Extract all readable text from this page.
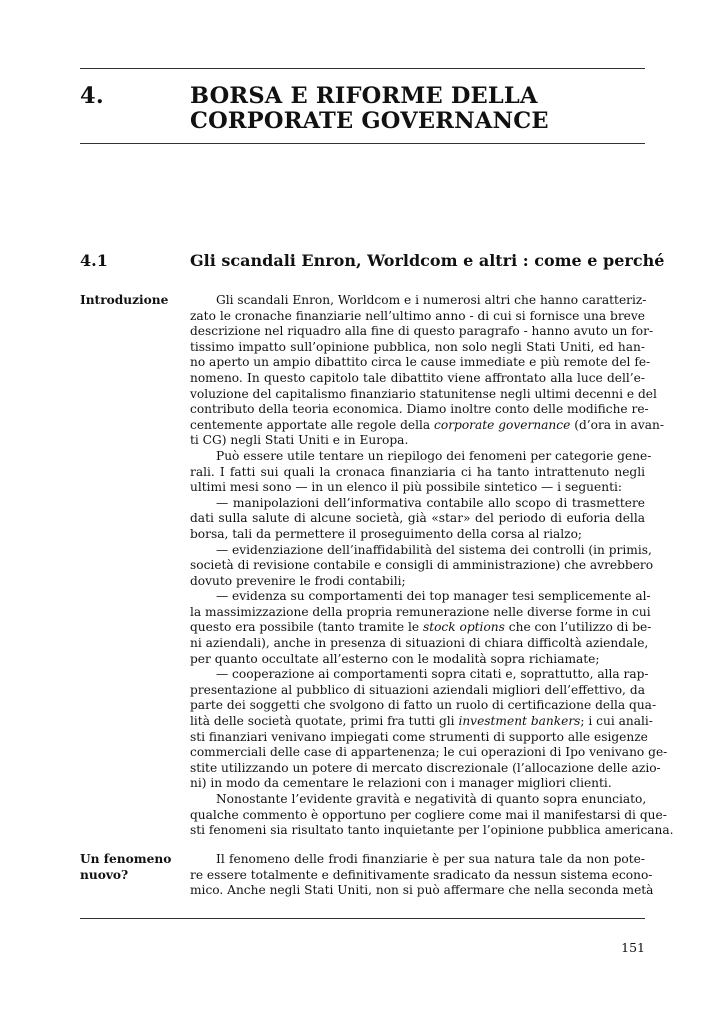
4.	BORSA E RIFORME DELLA
CORPORATE GOVERNANCE
4.1	Gli scandali Enron, Worldcom e altri : come e perché
Introduzione	Gli scandali Enron, Worldcom e i numerosi altri che hanno caratteriz-
zato le cronache finanziarie nell’ultimo anno - di cui si fornisce una breve
descrizione nel riquadro alla fine di questo paragrafo - hanno avuto un for-
tissimo impatto sull’opinione pubblica, non solo negli Stati Uniti, ed han-
no aperto un ampio dibattito circa le cause immediate e più remote del fe-
nomeno. In questo capitolo tale dibattito viene affrontato alla luce dell’e-
voluzione del capitalismo finanziario statunitense negli ultimi decenni e del
contributo della teoria economica. Diamo inoltre conto delle modifiche re-
centemente apportate alle regole della corporate governance (d’ora in avan-
ti CG) negli Stati Uniti e in Europa.
Può essere utile tentare un riepilogo dei fenomeni per categorie gene-
rali. I fatti sui quali la cronaca finanziaria ci ha tanto intrattenuto negli
ultimi mesi sono — in un elenco il più possibile sintetico — i seguenti:
— manipolazioni dell’informativa contabile allo scopo di trasmettere
dati sulla salute di alcune società, già «star» del periodo di euforia della
borsa, tali da permettere il proseguimento della corsa al rialzo;
— evidenziazione dell’inaffidabilità del sistema dei controlli (in primis,
società di revisione contabile e consigli di amministrazione) che avrebbero
dovuto prevenire le frodi contabili;
— evidenza su comportamenti dei top manager tesi semplicemente al-
la massimizzazione della propria remunerazione nelle diverse forme in cui
questo era possibile (tanto tramite le stock options che con l’utilizzo di be-
ni aziendali), anche in presenza di situazioni di chiara difficoltà aziendale,
per quanto occultate all’esterno con le modalità sopra richiamate;
— cooperazione ai comportamenti sopra citati e, soprattutto, alla rap-
presentazione al pubblico di situazioni aziendali migliori dell’effettivo, da
parte dei soggetti che svolgono di fatto un ruolo di certificazione della qua-
lità delle società quotate, primi fra tutti gli investment bankers; i cui anali-
sti finanziari venivano impiegati come strumenti di supporto alle esigenze
commerciali delle case di appartenenza; le cui operazioni di Ipo venivano ge-
stite utilizzando un potere di mercato discrezionale (l’allocazione delle azio-
ni) in modo da cementare le relazioni con i manager migliori clienti.
Nonostante l’evidente gravità e negatività di quanto sopra enunciato,
qualche commento è opportuno per cogliere come mai il manifestarsi di que-
sti fenomeni sia risultato tanto inquietante per l’opinione pubblica americana.
Un fenomeno
nuovo?
Il fenomeno delle frodi finanziarie è per sua natura tale da non pote-
re essere totalmente e definitivamente sradicato da nessun sistema econo-
mico. Anche negli Stati Uniti, non si può affermare che nella seconda metà
151
